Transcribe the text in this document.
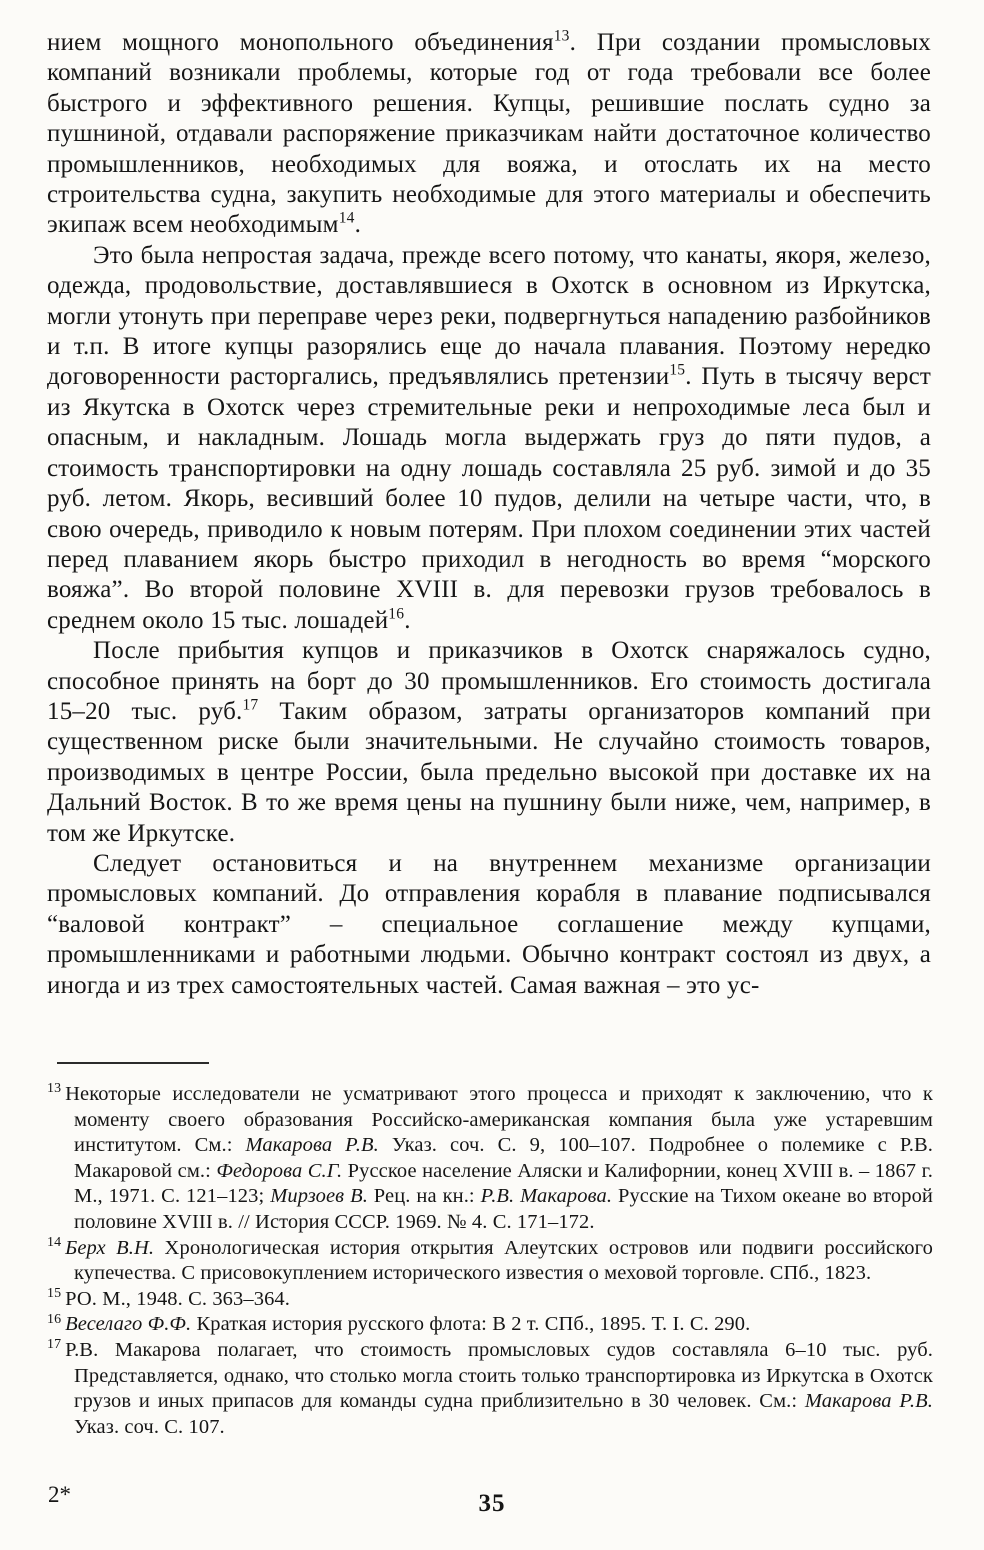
нием мощного монопольного объединения$^{13}$. При создании промысловых компаний возникали проблемы, которые год от года требовали все более быстрого и эффективного решения. Купцы, решившие послать судно за пушниной, отдавали распоряжение приказчикам найти достаточное количество промышленников, необходимых для вояжа, и отослать их на место строительства судна, закупить необходимые для этого материалы и обеспечить экипаж всем необходимым$^{14}$.

Это была непростая задача, прежде всего потому, что канаты, якоря, железо, одежда, продовольствие, доставлявшиеся в Охотск в основном из Иркутска, могли утонуть при переправе через реки, подвергнуться нападению разбойников и т.п. В итоге купцы разорялись еще до начала плавания. Поэтому нередко договоренности расторгались, предъявлялись претензии$^{15}$. Путь в тысячу верст из Якутска в Охотск через стремительные реки и непроходимые леса был и опасным, и накладным. Лошадь могла выдержать груз до пяти пудов, а стоимость транспортировки на одну лошадь составляла 25 руб. зимой и до 35 руб. летом. Якорь, весивший более 10 пудов, делили на четыре части, что, в свою очередь, приводило к новым потерям. При плохом соединении этих частей перед плаванием якорь быстро приходил в негодность во время “морского вояжа”. Во второй половине XVIII в. для перевозки грузов требовалось в среднем около 15 тыс. лошадей$^{16}$.

После прибытия купцов и приказчиков в Охотск снаряжалось судно, способное принять на борт до 30 промышленников. Его стоимость достигала 15–20 тыс. руб.$^{17}$ Таким образом, затраты организаторов компаний при существенном риске были значительными. Не случайно стоимость товаров, производимых в центре России, была предельно высокой при доставке их на Дальний Восток. В то же время цены на пушнину были ниже, чем, например, в том же Иркутске.

Следует остановиться и на внутреннем механизме организации промысловых компаний. До отправления корабля в плавание подписывался “валовой контракт” – специальное соглашение между купцами, промышленниками и работными людьми. Обычно контракт состоял из двух, а иногда и из трех самостоятельных частей. Самая важная – это ус-

$^{13}$ Некоторые исследователи не усматривают этого процесса и приходят к заключению, что к моменту своего образования Российско-американская компания была уже устаревшим институтом. См.: Макарова Р.В. Указ. соч. С. 9, 100–107. Подробнее о полемике с Р.В. Макаровой см.: Федорова С.Г. Русское население Аляски и Калифорнии, конец XVIII в. – 1867 г. М., 1971. С. 121–123; Мирзоев В. Рец. на кн.: Р.В. Макарова. Русские на Тихом океане во второй половине XVIII в. // История СССР. 1969. № 4. С. 171–172.
$^{14}$ Берх В.Н. Хронологическая история открытия Алеутских островов или подвиги российского купечества. С присовокуплением исторического известия о меховой торговле. СПб., 1823.
$^{15}$ РО. М., 1948. С. 363–364.
$^{16}$ Веселаго Ф.Ф. Краткая история русского флота: В 2 т. СПб., 1895. Т. I. С. 290.
$^{17}$ Р.В. Макарова полагает, что стоимость промысловых судов составляла 6–10 тыс. руб. Представляется, однако, что столько могла стоить только транспортировка из Иркутска в Охотск грузов и иных припасов для команды судна приблизительно в 30 человек. См.: Макарова Р.В. Указ. соч. С. 107.
2*	35
